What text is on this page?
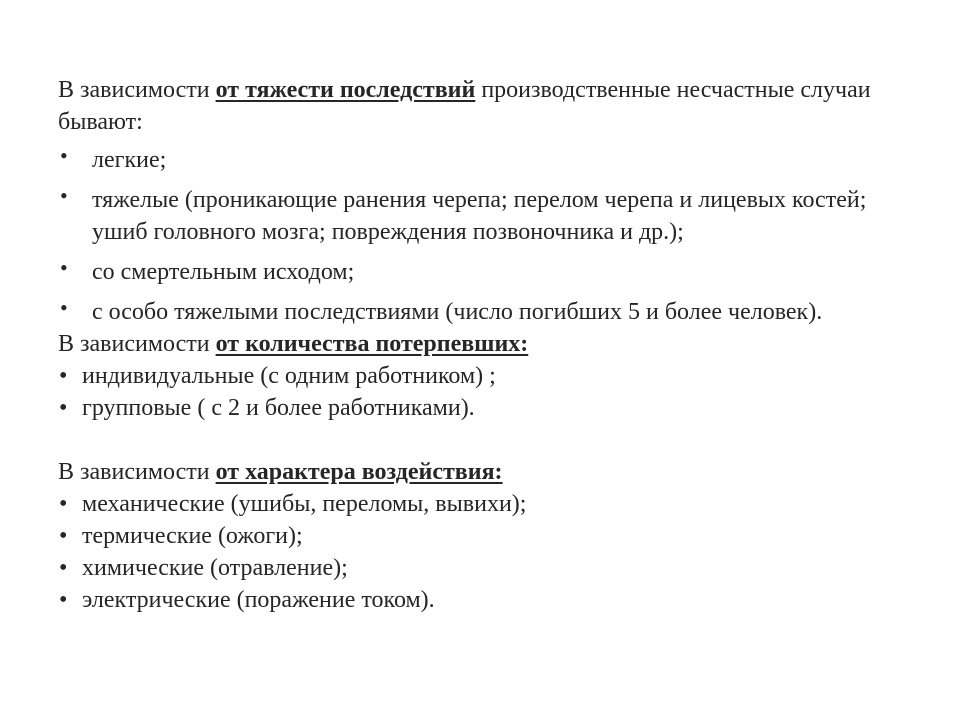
В зависимости от тяжести последствий производственные несчастные случаи бывают:

• легкие;
• тяжелые (проникающие ранения черепа; перелом черепа и лицевых костей; ушиб головного мозга; повреждения позвоночника и др.);
• со смертельным исходом;
• с особо тяжелыми последствиями (число погибших 5 и более человек).

В зависимости от количества потерпевших:

• индивидуальные (с одним работником) ;
• групповые ( с 2 и более работниками).

В зависимости от характера воздействия:

• механические (ушибы, переломы, вывихи);
• термические (ожоги);
• химические (отравление);
• электрические (поражение током).
